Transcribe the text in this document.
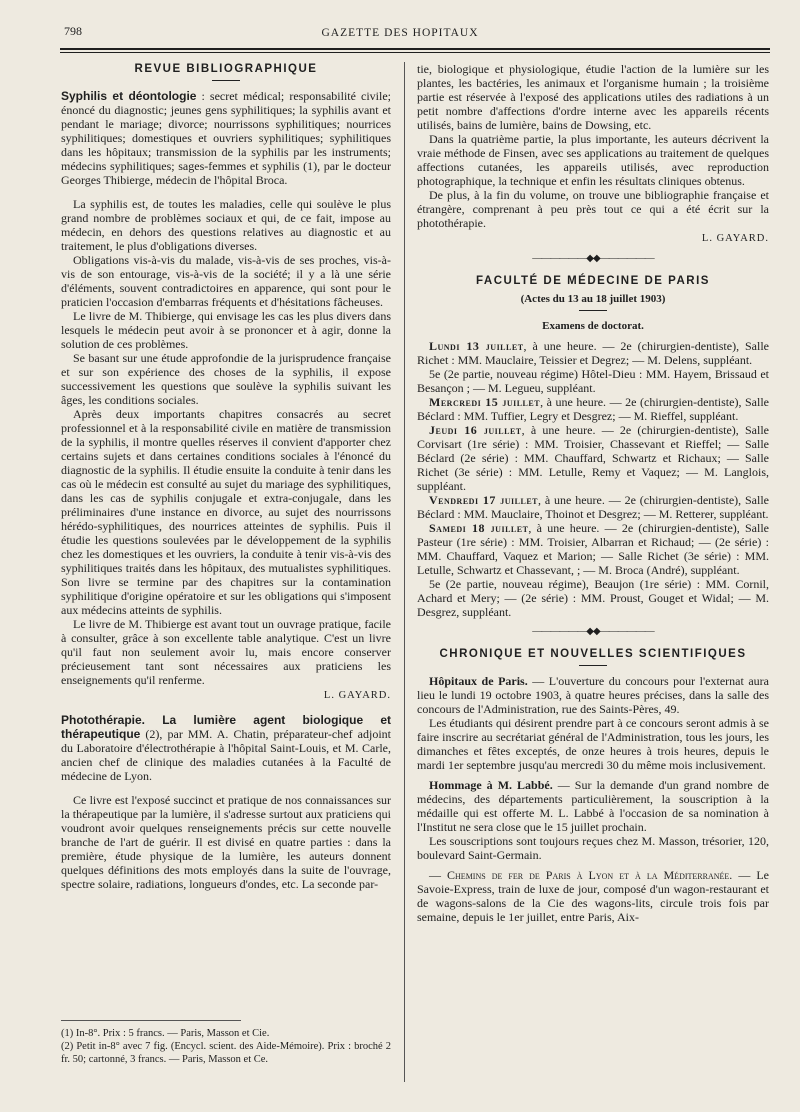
798	GAZETTE DES HOPITAUX
REVUE BIBLIOGRAPHIQUE

Syphilis et déontologie : secret médical; responsabilité civile; énoncé du diagnostic; jeunes gens syphilitiques; la syphilis avant et pendant le mariage; divorce; nourrissons syphilitiques; nourrices syphilitiques; domestiques et ouvriers syphilitiques; syphilitiques dans les hôpitaux; transmission de la syphilis par les instruments; médecins syphilitiques; sages-femmes et syphilis (1), par le docteur Georges Thibierge, médecin de l'hôpital Broca.

La syphilis est, de toutes les maladies, celle qui soulève le plus grand nombre de problèmes sociaux et qui, de ce fait, impose au médecin, en dehors des questions relatives au diagnostic et au traitement, le plus d'obligations diverses.

Obligations vis-à-vis du malade, vis-à-vis de ses proches, vis-à-vis de son entourage, vis-à-vis de la société; il y a là une série d'éléments, souvent contradictoires en apparence, qui sont pour le praticien l'occasion d'embarras fréquents et d'hésitations fâcheuses.

Le livre de M. Thibierge, qui envisage les cas les plus divers dans lesquels le médecin peut avoir à se prononcer et à agir, donne la solution de ces problèmes.

Se basant sur une étude approfondie de la jurisprudence française et sur son expérience des choses de la syphilis, il expose successivement les questions que soulève la syphilis suivant les âges, les conditions sociales.

Après deux importants chapitres consacrés au secret professionnel et à la responsabilité civile en matière de transmission de la syphilis, il montre quelles réserves il convient d'apporter chez certains sujets et dans certaines conditions sociales à l'énoncé du diagnostic de la syphilis. Il étudie ensuite la conduite à tenir dans les cas où le médecin est consulté au sujet du mariage des syphilitiques, dans les cas de syphilis conjugale et extra-conjugale, dans les préliminaires d'une instance en divorce, au sujet des nourrissons hérédo-syphilitiques, des nourrices atteintes de syphilis. Puis il étudie les questions soulevées par le développement de la syphilis chez les domestiques et les ouvriers, la conduite à tenir vis-à-vis des syphilitiques traités dans les hôpitaux, des mutualistes syphilitiques. Son livre se termine par des chapitres sur la contamination syphilitique d'origine opératoire et sur les obligations qui s'imposent aux médecins atteints de syphilis.

Le livre de M. Thibierge est avant tout un ouvrage pratique, facile à consulter, grâce à son excellente table analytique. C'est un livre qu'il faut non seulement avoir lu, mais encore conserver précieusement tant sont nécessaires aux praticiens les enseignements qu'il renferme.

L. GAYARD.

Photothérapie. La lumière agent biologique et thérapeutique (2), par MM. A. Chatin, préparateur-chef adjoint du Laboratoire d'électrothérapie à l'hôpital Saint-Louis, et M. Carle, ancien chef de clinique des maladies cutanées à la Faculté de médecine de Lyon.

Ce livre est l'exposé succinct et pratique de nos connaissances sur la thérapeutique par la lumière, il s'adresse surtout aux praticiens qui voudront avoir quelques renseignements précis sur cette nouvelle branche de l'art de guérir. Il est divisé en quatre parties : dans la première, étude physique de la lumière, les auteurs donnent quelques définitions des mots employés dans la suite de l'ouvrage, spectre solaire, radiations, longueurs d'ondes, etc. La seconde par-

(1) In-8°. Prix : 5 francs. — Paris, Masson et Cie.

(2) Petit in-8° avec 7 fig. (Encycl. scient. des Aide-Mémoire). Prix : broché 2 fr. 50; cartonné, 3 francs. — Paris, Masson et Ce.

tie, biologique et physiologique, étudie l'action de la lumière sur les plantes, les bactéries, les animaux et l'organisme humain ; la troisième partie est réservée à l'exposé des applications utiles des radiations à un petit nombre d'affections d'ordre interne avec les appareils récents utilisés, bains de lumière, bains de Dowsing, etc.

Dans la quatrième partie, la plus importante, les auteurs décrivent la vraie méthode de Finsen, avec ses applications au traitement de quelques affections cutanées, les appareils utilisés, avec reproduction photographique, la technique et enfin les résultats cliniques obtenus.

De plus, à la fin du volume, on trouve une bibliographie française et étrangère, comprenant à peu près tout ce qui a été écrit sur la photothérapie.

L. GAYARD.
——————◆◆——————
FACULTÉ DE MÉDECINE DE PARIS
(Actes du 13 au 18 juillet 1903)
Examens de doctorat.

Lundi 13 juillet, à une heure. — 2e (chirurgien-dentiste), Salle Richet : MM. Mauclaire, Teissier et Degrez; — M. Delens, suppléant.

5e (2e partie, nouveau régime) Hôtel-Dieu : MM. Hayem, Brissaud et Besançon ; — M. Legueu, suppléant.

Mercredi 15 juillet, à une heure. — 2e (chirurgien-dentiste), Salle Béclard : MM. Tuffier, Legry et Desgrez; — M. Rieffel, suppléant.

Jeudi 16 juillet, à une heure. — 2e (chirurgien-dentiste), Salle Corvisart (1re série) : MM. Troisier, Chassevant et Rieffel; — Salle Béclard (2e série) : MM. Chauffard, Schwartz et Richaux; — Salle Richet (3e série) : MM. Letulle, Remy et Vaquez; — M. Langlois, suppléant.

Vendredi 17 juillet, à une heure. — 2e (chirurgien-dentiste), Salle Béclard : MM. Mauclaire, Thoinot et Desgrez; — M. Retterer, suppléant.

Samedi 18 juillet, à une heure. — 2e (chirurgien-dentiste), Salle Pasteur (1re série) : MM. Troisier, Albarran et Richaud; — (2e série) : MM. Chauffard, Vaquez et Marion; — Salle Richet (3e série) : MM. Letulle, Schwartz et Chassevant, ; — M. Broca (André), suppléant.

5e (2e partie, nouveau régime), Beaujon (1re série) : MM. Cornil, Achard et Mery; — (2e série) : MM. Proust, Gouget et Widal; — M. Desgrez, suppléant.

——————◆◆——————
CHRONIQUE ET NOUVELLES SCIENTIFIQUES

Hôpitaux de Paris. — L'ouverture du concours pour l'externat aura lieu le lundi 19 octobre 1903, à quatre heures précises, dans la salle des concours de l'Administration, rue des Saints-Pères, 49.

Les étudiants qui désirent prendre part à ce concours seront admis à se faire inscrire au secrétariat général de l'Administration, tous les jours, les dimanches et fêtes exceptés, de onze heures à trois heures, depuis le mardi 1er septembre jusqu'au mercredi 30 du même mois inclusivement.

Hommage à M. Labbé. — Sur la demande d'un grand nombre de médecins, des départements particulièrement, la souscription à la médaille qui est offerte M. L. Labbé à l'occasion de sa nomination à l'Institut ne sera close que le 15 juillet prochain.

Les souscriptions sont toujours reçues chez M. Masson, trésorier, 120, boulevard Saint-Germain.

— Chemins de fer de Paris à Lyon et à la Méditerranée. — Le Savoie-Express, train de luxe de jour, composé d'un wagon-restaurant et de wagons-salons de la Cie des wagons-lits, circule trois fois par semaine, depuis le 1er juillet, entre Paris, Aix-
